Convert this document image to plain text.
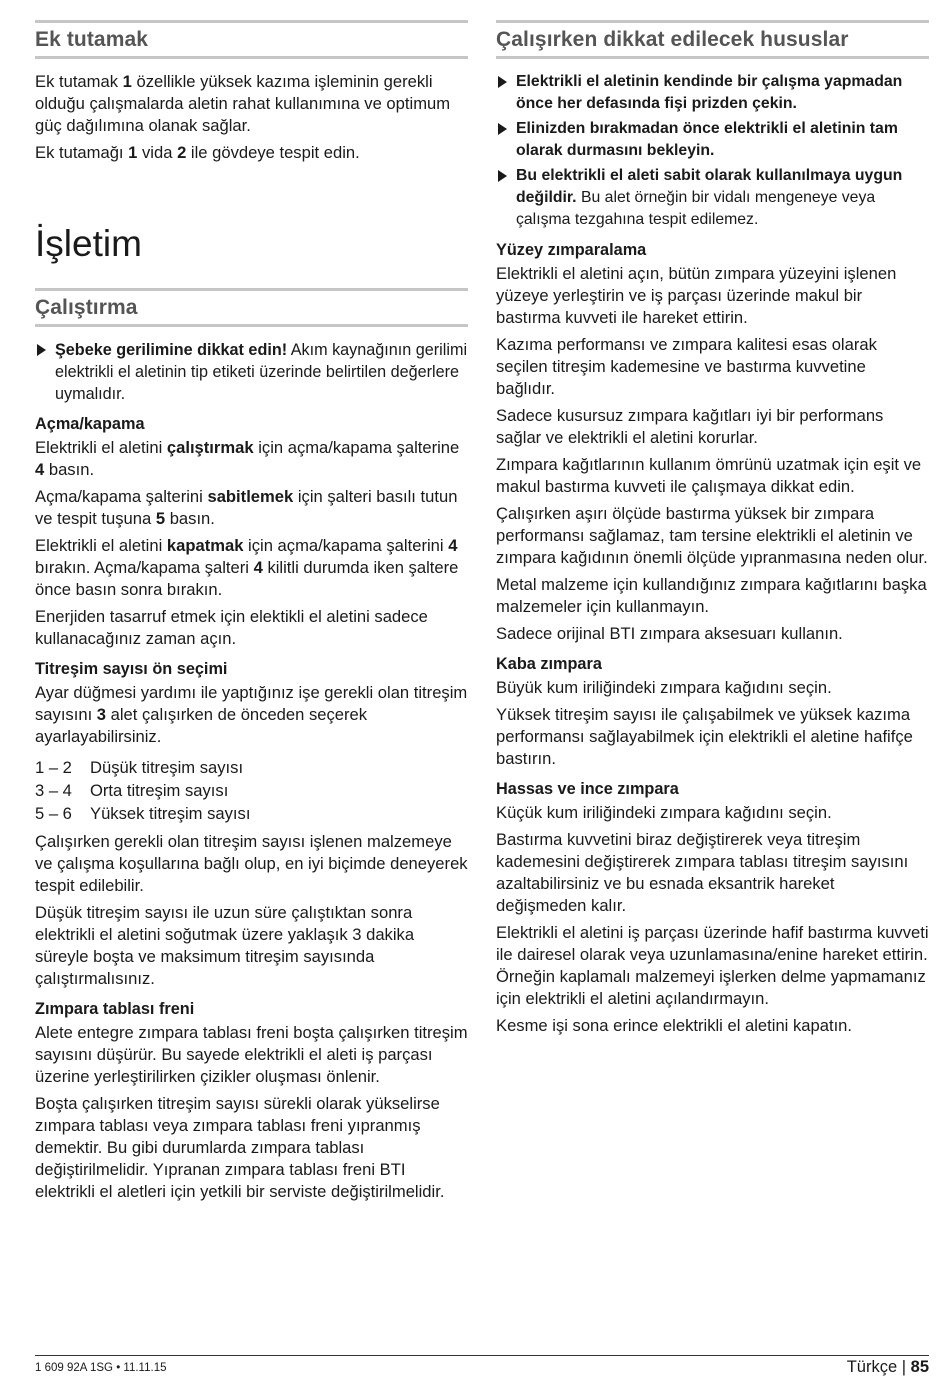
Ek tutamak

Ek tutamak 1 özellikle yüksek kazıma işleminin gerekli olduğu çalışmalarda aletin rahat kullanımına ve optimum güç dağılımına olanak sağlar.

Ek tutamağı 1 vida 2 ile gövdeye tespit edin.

İşletim
Çalıştırma
Şebeke gerilimine dikkat edin! Akım kaynağının gerilimi elektrikli el aletinin tip etiketi üzerinde belirtilen değerlere uymalıdır.
Açma/kapama

Elektrikli el aletini çalıştırmak için açma/kapama şalterine 4 basın.

Açma/kapama şalterini sabitlemek için şalteri basılı tutun ve tespit tuşuna 5 basın.

Elektrikli el aletini kapatmak için açma/kapama şalterini 4 bırakın. Açma/kapama şalteri 4 kilitli durumda iken şaltere önce basın sonra bırakın.

Enerjiden tasarruf etmek için elektikli el aletini sadece kullanacağınız zaman açın.

Titreşim sayısı ön seçimi

Ayar düğmesi yardımı ile yaptığınız işe gerekli olan titreşim sayısını 3 alet çalışırken de önceden seçerek ayarlayabilirsiniz.

1 – 2	Düşük titreşim sayısı
3 – 4	Orta titreşim sayısı
5 – 6	Yüksek titreşim sayısı

Çalışırken gerekli olan titreşim sayısı işlenen malzemeye ve çalışma koşullarına bağlı olup, en iyi biçimde deneyerek tespit edilebilir.

Düşük titreşim sayısı ile uzun süre çalıştıktan sonra elektrikli el aletini soğutmak üzere yaklaşık 3 dakika süreyle boşta ve maksimum titreşim sayısında çalıştırmalısınız.

Zımpara tablası freni

Alete entegre zımpara tablası freni boşta çalışırken titreşim sayısını düşürür. Bu sayede elektrikli el aleti iş parçası üzerine yerleştirilirken çizikler oluşması önlenir.

Boşta çalışırken titreşim sayısı sürekli olarak yükselirse zımpara tablası veya zımpara tablası freni yıpranmış demektir. Bu gibi durumlarda zımpara tablası değiştirilmelidir. Yıpranan zımpara tablası freni BTI elektrikli el aletleri için yetkili bir serviste değiştirilmelidir.

Çalışırken dikkat edilecek hususlar
Elektrikli el aletinin kendinde bir çalışma yapmadan önce her defasında fişi prizden çekin.
Elinizden bırakmadan önce elektrikli el aletinin tam olarak durmasını bekleyin.
Bu elektrikli el aleti sabit olarak kullanılmaya uygun değildir. Bu alet örneğin bir vidalı mengeneye veya çalışma tezgahına tespit edilemez.
Yüzey zımparalama

Elektrikli el aletini açın, bütün zımpara yüzeyini işlenen yüzeye yerleştirin ve iş parçası üzerinde makul bir bastırma kuvveti ile hareket ettirin.

Kazıma performansı ve zımpara kalitesi esas olarak seçilen titreşim kademesine ve bastırma kuvvetine bağlıdır.

Sadece kusursuz zımpara kağıtları iyi bir performans sağlar ve elektrikli el aletini korurlar.

Zımpara kağıtlarının kullanım ömrünü uzatmak için eşit ve makul bastırma kuvveti ile çalışmaya dikkat edin.

Çalışırken aşırı ölçüde bastırma yüksek bir zımpara performansı sağlamaz, tam tersine elektrikli el aletinin ve zımpara kağıdının önemli ölçüde yıpranmasına neden olur.

Metal malzeme için kullandığınız zımpara kağıtlarını başka malzemeler için kullanmayın.

Sadece orijinal BTI zımpara aksesuarı kullanın.

Kaba zımpara

Büyük kum iriliğindeki zımpara kağıdını seçin.

Yüksek titreşim sayısı ile çalışabilmek ve yüksek kazıma performansı sağlayabilmek için elektrikli el aletine hafifçe bastırın.

Hassas ve ince zımpara

Küçük kum iriliğindeki zımpara kağıdını seçin.

Bastırma kuvvetini biraz değiştirerek veya titreşim kademesini değiştirerek zımpara tablası titreşim sayısını azaltabilirsiniz ve bu esnada eksantrik hareket değişmeden kalır.

Elektrikli el aletini iş parçası üzerinde hafif bastırma kuvveti ile dairesel olarak veya uzunlamasına/enine hareket ettirin. Örneğin kaplamalı malzemeyi işlerken delme yapmamanız için elektrikli el aletini açılandırmayın.

Kesme işi sona erince elektrikli el aletini kapatın.

1 609 92A 1SG • 11.11.15	Türkçe | 85
